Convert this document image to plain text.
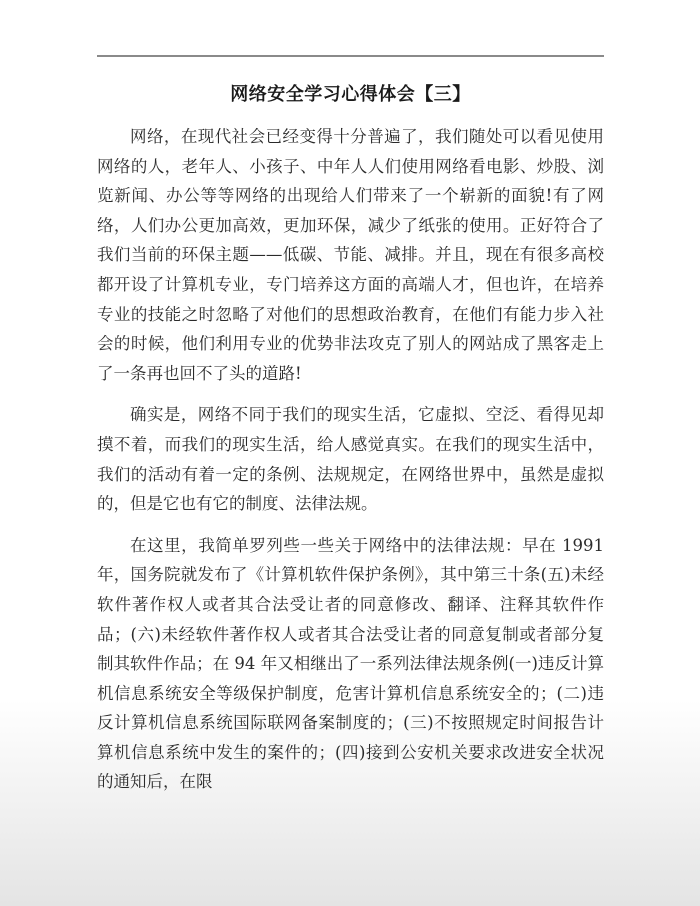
网络安全学习心得体会【三】

网络，在现代社会已经变得十分普遍了，我们随处可以看见使用网络的人，老年人、小孩子、中年人人们使用网络看电影、炒股、浏览新闻、办公等等网络的出现给人们带来了一个崭新的面貌!有了网络，人们办公更加高效，更加环保，减少了纸张的使用。正好符合了我们当前的环保主题——低碳、节能、减排。并且，现在有很多高校都开设了计算机专业，专门培养这方面的高端人才，但也许，在培养专业的技能之时忽略了对他们的思想政治教育，在他们有能力步入社会的时候，他们利用专业的优势非法攻克了别人的网站成了黑客走上了一条再也回不了头的道路!

确实是，网络不同于我们的现实生活，它虚拟、空泛、看得见却摸不着，而我们的现实生活，给人感觉真实。在我们的现实生活中，我们的活动有着一定的条例、法规规定，在网络世界中，虽然是虚拟的，但是它也有它的制度、法律法规。

在这里，我简单罗列些一些关于网络中的法律法规：早在 1991 年，国务院就发布了《计算机软件保护条例》，其中第三十条(五)未经软件著作权人或者其合法受让者的同意修改、翻译、注释其软件作品；(六)未经软件著作权人或者其合法受让者的同意复制或者部分复制其软件作品；在 94 年又相继出了一系列法律法规条例(一)违反计算机信息系统安全等级保护制度，危害计算机信息系统安全的；(二)违反计算机信息系统国际联网备案制度的；(三)不按照规定时间报告计算机信息系统中发生的案件的；(四)接到公安机关要求改进安全状况的通知后，在限
